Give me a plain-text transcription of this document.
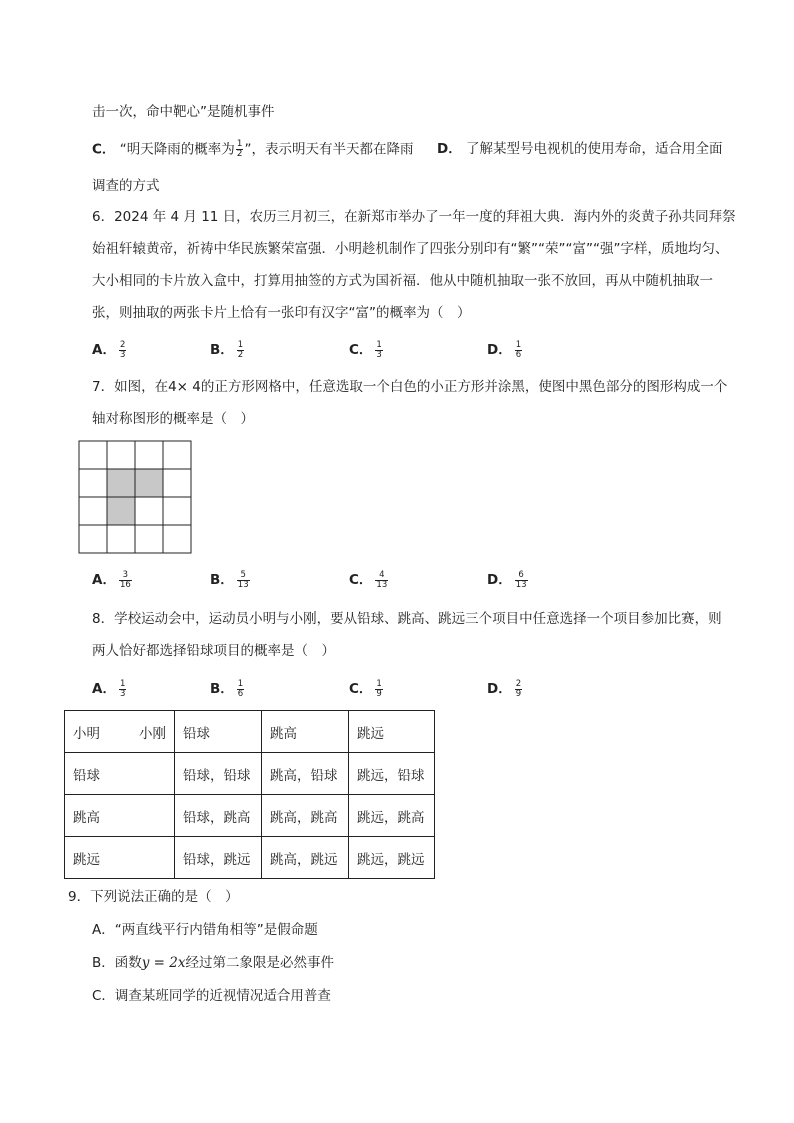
击一次，命中靶心”是随机事件
C． “明天降雨的概率为 $\frac{1}{2}$ ”，表示明天有半天都在降雨 D． 了解某型号电视机的使用寿命，适合用全面
调查的方式
6．2024 年 4 月 11 日，农历三月初三，在新郑市举办了一年一度的拜祖大典．海内外的炎黄子孙共同拜祭
始祖轩辕黄帝，祈祷中华民族繁荣富强．小明趁机制作了四张分别印有“繁”“荣”“富”“强”字样，质地均匀、
大小相同的卡片放入盒中，打算用抽签的方式为国祈福．他从中随机抽取一张不放回，再从中随机抽取一
张，则抽取的两张卡片上恰有一张印有汉字“富”的概率为（　）
A． $\frac{2}{3}$	B． $\frac{1}{2}$	C． $\frac{1}{3}$	D． $\frac{1}{6}$
7．如图，在4× 4的正方形网格中，任意选取一个白色的小正方形并涂黑，使图中黑色部分的图形构成一个
轴对称图形的概率是（　）
A． $\frac{3}{16}$	B． $\frac{5}{13}$	C． $\frac{4}{13}$	D． $\frac{6}{13}$
8．学校运动会中，运动员小明与小刚，要从铅球、跳高、跳远三个项目中任意选择一个项目参加比赛，则
两人恰好都选择铅球项目的概率是（　）
A． $\frac{1}{3}$	B． $\frac{1}{6}$	C． $\frac{1}{9}$	D． $\frac{2}{9}$
小明 小刚	铅球	跳高	跳远
铅球	铅球，铅球	跳高，铅球	跳远，铅球
跳高	铅球，跳高	跳高，跳高	跳远，跳高
跳远	铅球，跳远	跳高，跳远	跳远，跳远
9．下列说法正确的是（　）
A．“两直线平行内错角相等”是假命题
B．函数y = 2x经过第二象限是必然事件
C．调查某班同学的近视情况适合用普查
